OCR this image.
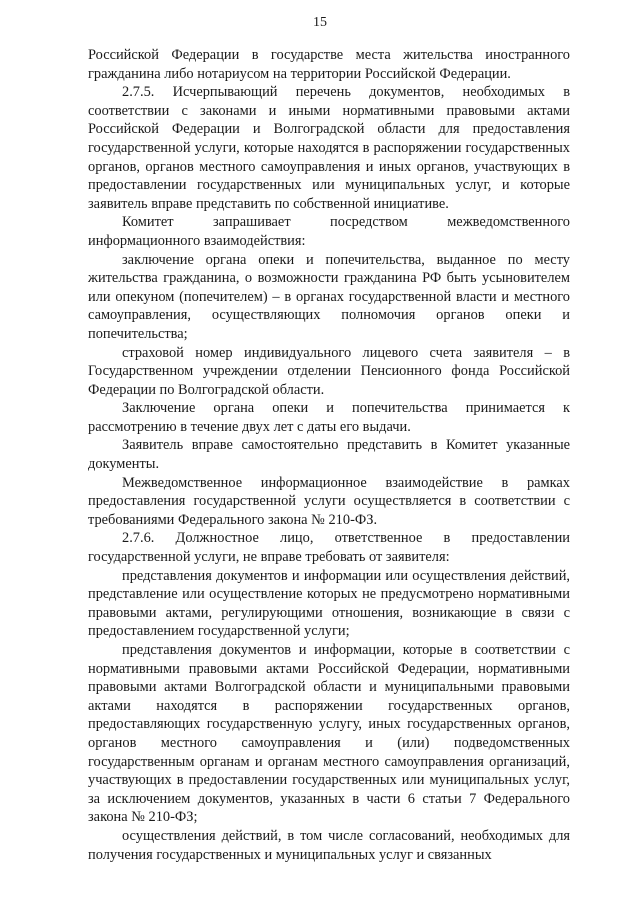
15

Российской Федерации в государстве места жительства иностранного гражданина либо нотариусом на территории Российской Федерации.

2.7.5. Исчерпывающий перечень документов, необходимых в соответствии с законами и иными нормативными правовыми актами Российской Федерации и Волгоградской области для предоставления государственной услуги, которые находятся в распоряжении государственных органов, органов местного самоуправления и иных органов, участвующих в предоставлении государственных или муниципальных услуг, и которые заявитель вправе представить по собственной инициативе.

Комитет запрашивает посредством межведомственного информационного взаимодействия:

заключение органа опеки и попечительства, выданное по месту жительства гражданина, о возможности гражданина РФ быть усыновителем или опекуном (попечителем) – в органах государственной власти и местного самоуправления, осуществляющих полномочия органов опеки и попечительства;

страховой номер индивидуального лицевого счета заявителя – в Государственном учреждении отделении Пенсионного фонда Российской Федерации по Волгоградской области.

Заключение органа опеки и попечительства принимается к рассмотрению в течение двух лет с даты его выдачи.

Заявитель вправе самостоятельно представить в Комитет указанные документы.

Межведомственное информационное взаимодействие в рамках предоставления государственной услуги осуществляется в соответствии с требованиями Федерального закона № 210-ФЗ.

2.7.6. Должностное лицо, ответственное в предоставлении государственной услуги, не вправе требовать от заявителя:

представления документов и информации или осуществления действий, представление или осуществление которых не предусмотрено нормативными правовыми актами, регулирующими отношения, возникающие в связи с предоставлением государственной услуги;

представления документов и информации, которые в соответствии с нормативными правовыми актами Российской Федерации, нормативными правовыми актами Волгоградской области и муниципальными правовыми актами находятся в распоряжении государственных органов, предоставляющих государственную услугу, иных государственных органов, органов местного самоуправления и (или) подведомственных государственным органам и органам местного самоуправления организаций, участвующих в предоставлении государственных или муниципальных услуг, за исключением документов, указанных в части 6 статьи 7 Федерального закона № 210-ФЗ;

осуществления действий, в том числе согласований, необходимых для получения государственных и муниципальных услуг и связанных
